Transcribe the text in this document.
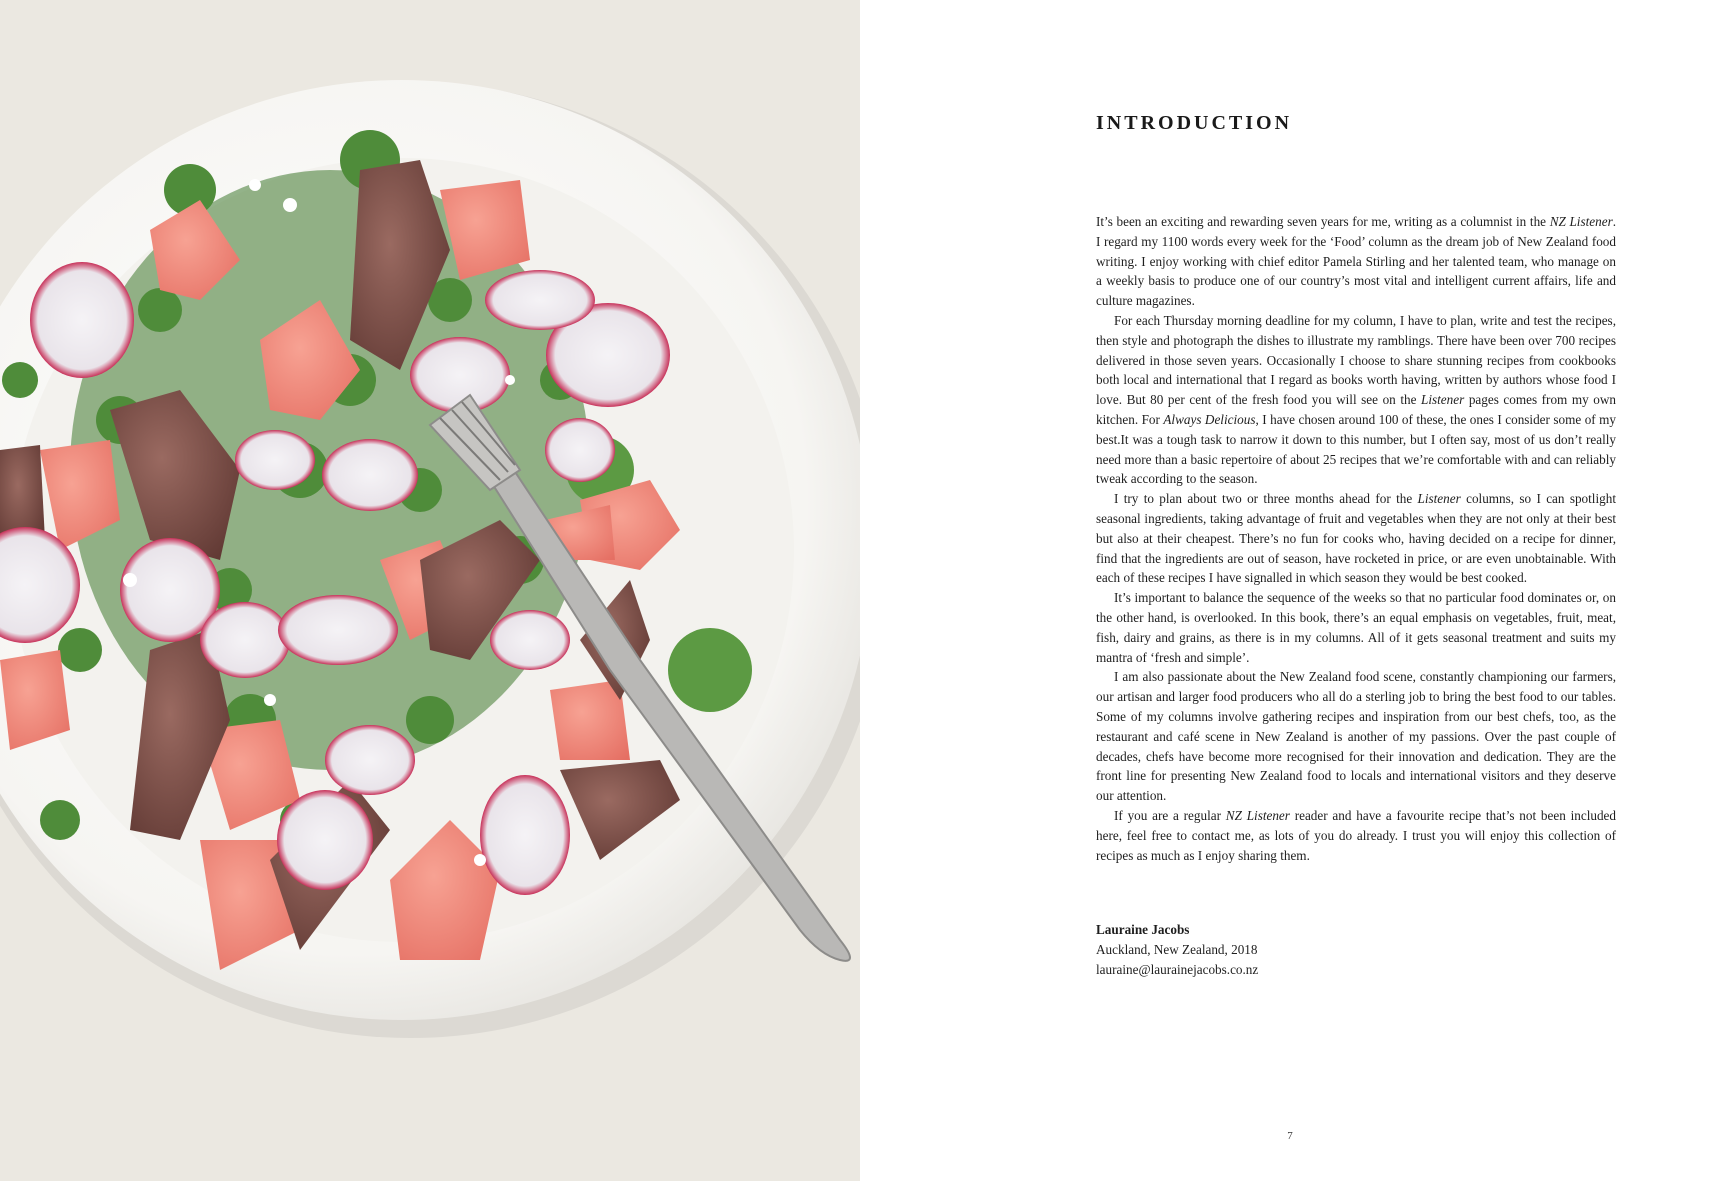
INTRODUCTION

It’s been an exciting and rewarding seven years for me, writing as a columnist in the NZ Listener. I regard my 1100 words every week for the ‘Food’ column as the dream job of New Zealand food writing. I enjoy working with chief editor Pamela Stirling and her talented team, who manage on a weekly basis to produce one of our country’s most vital and intelligent current affairs, life and culture magazines.

For each Thursday morning deadline for my column, I have to plan, write and test the recipes, then style and photograph the dishes to illustrate my ramblings. There have been over 700 recipes delivered in those seven years. Occasionally I choose to share stunning recipes from cookbooks both local and international that I regard as books worth having, written by authors whose food I love. But 80 per cent of the fresh food you will see on the Listener pages comes from my own kitchen. For Always Delicious, I have chosen around 100 of these, the ones I consider some of my best.It was a tough task to narrow it down to this number, but I often say, most of us don’t really need more than a basic repertoire of about 25 recipes that we’re comfortable with and can reliably tweak according to the season.

I try to plan about two or three months ahead for the Listener columns, so I can spotlight seasonal ingredients, taking advantage of fruit and vegetables when they are not only at their best but also at their cheapest. There’s no fun for cooks who, having decided on a recipe for dinner, find that the ingredients are out of season, have rocketed in price, or are even unobtainable. With each of these recipes I have signalled in which season they would be best cooked.

It’s important to balance the sequence of the weeks so that no particular food dominates or, on the other hand, is overlooked. In this book, there’s an equal emphasis on vegetables, fruit, meat, fish, dairy and grains, as there is in my columns. All of it gets seasonal treatment and suits my mantra of ‘fresh and simple’.

I am also passionate about the New Zealand food scene, constantly championing our farmers, our artisan and larger food producers who all do a sterling job to bring the best food to our tables. Some of my columns involve gathering recipes and inspiration from our best chefs, too, as the restaurant and café scene in New Zealand is another of my passions. Over the past couple of decades, chefs have become more recognised for their innovation and dedication. They are the front line for presenting New Zealand food to locals and international visitors and they deserve our attention.

If you are a regular NZ Listener reader and have a favourite recipe that’s not been included here, feel free to contact me, as lots of you do already. I trust you will enjoy this collection of recipes as much as I enjoy sharing them.

Lauraine Jacobs
Auckland, New Zealand, 2018
lauraine@laurainejacobs.co.nz
7
